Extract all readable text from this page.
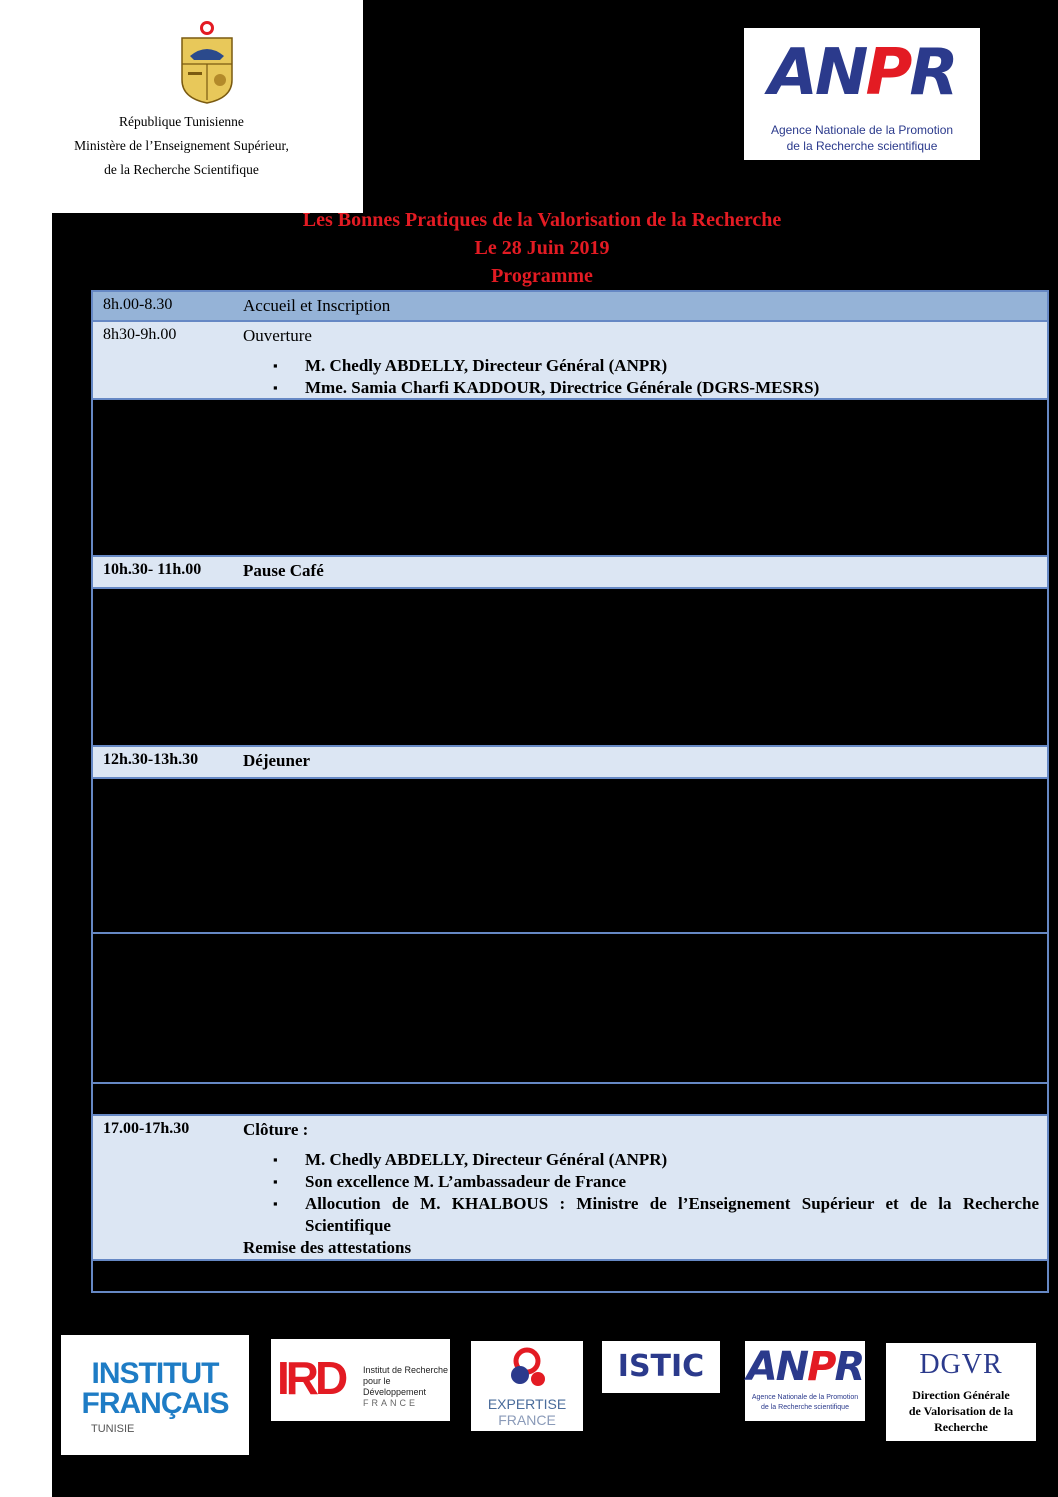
République Tunisienne
Ministère de l’Enseignement Supérieur,
de la Recherche Scientifique
ANPR
Agence Nationale de la Promotion
de la Recherche scientifique
Les Bonnes Pratiques de la Valorisation de la Recherche
Le 28 Juin 2019
Programme
8h.00-8.30	Accueil et Inscription
8h30-9h.00	Ouverture
▪ M. Chedly ABDELLY, Directeur Général (ANPR)
▪ Mme. Samia Charfi KADDOUR, Directrice Générale (DGRS-MESRS)
09h:00 – 10.30	Atelier 1 : Les règles régissant l’accès et la valorisation du patrimoine génétique dans le cadre d’un partenariat National et International
Panels d’experts : Mme. Elise BOURGON-SCHOUVEY (IRD), M. Jean-Louis PHAM (IRD), M. Mohamed Elyes KCHOUK (CBBC), M. Mbarek Ben NASR (Banque de gènes)
Modérateur : M. Olivier PRINGAULT (IRD)
Rapporteur : M. Messaoud MARS (ISA Chatt Mariem)
10h.30- 11h.00 Pause Café
11h.00-12h.30	Atelier 2 : La Propriété Intellectuelle et la commercialisation des résultats de la recherche
Panels d’experts : Mme. Laura MITRESKI (IRD), M. Vincent CARRE (INPI) ; Mme. Mouna KTATA (Faculté de Droit de Sfax), Mme. Salma KHALED (Faculté de Droit de Tunis) ; Mme. Rim SAID (DG. DGVR), Mr. Cyrille CHAPON (Ouest Valorisation)
Modérateur : Mme. Olfa ZRIBI BEN SLIMANE (DG. UGPE)
Rapporteur : M. Riadh SOUSSI (DG. INNORPI)
12h.30-13h.30	Déjeuner
13h.30-15h.00	Atelier 3 : La valorisation académique : Liberté du chercheur versus contraintes extérieures
Panels d’experts : M. Olivier Le GALL (OFIS) ; André DAZZY (Couperain) ; Mme. Sonia BEN DHIEF ; M. Moncef BOUKTHIR(IPEIT)
Modérateur : M. Philippe ROUSSIGNOL (Expertise France)
Rapporteur : M. Atef JAOUANI (ISSBAT-Université de Tunis El Manar)
15h.00-16h.30	Atelier 4 : La communication scientifique et le partage de l’information
Panels d’experts : Mme. Marie-Lise SABRIE (IRD), Isabelle BONAL (IRD), M. Mongi BESBES (ISTIC), Mme. Sana Barhoumi BANNOUR (ENIT)
Modérateur : Mme. Maeva MAUGEAIS (IRD Tunisie)
Rapporteur : Mme. Beama MASSABI (ANPR)
16h.30-17h.00	Restitution : bilan des rapports (Panel 1, 2,3 et 4)
17.00-17h.30	Clôture :
▪ M. Chedly ABDELLY, Directeur Général (ANPR)
▪ Son excellence M. L’ambassadeur de France
▪ Allocution de M. KHALBOUS : Ministre de l’Enseignement Supérieur et de la Recherche Scientifique
Remise des attestations
18h.00	Networking Cocktail
INSTITUT
FRANÇAIS
TUNISIE
IRD Institut de Recherche
pour le Développement
FRANCE	EXPERTISE
FRANCE
ISTIC	ANPR
Agence Nationale de la Promotion
de la Recherche scientifique
DGVR
Direction Générale
de Valorisation de la Recherche
